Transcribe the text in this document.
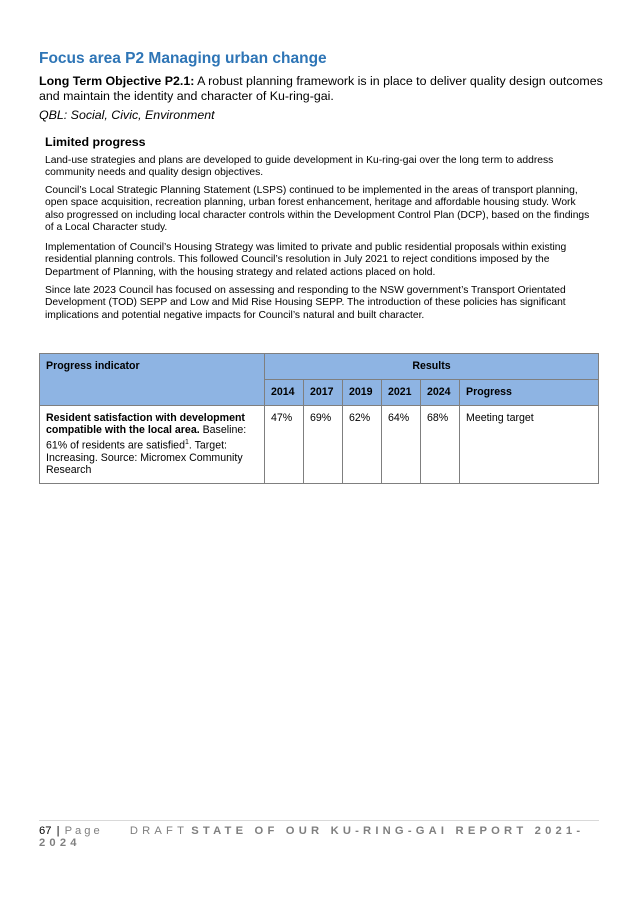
Focus area P2 Managing urban change
Long Term Objective P2.1: A robust planning framework is in place to deliver quality design outcomes and maintain the identity and character of Ku-ring-gai.
QBL: Social, Civic, Environment
Limited progress

Land-use strategies and plans are developed to guide development in Ku-ring-gai over the long term to address community needs and quality design objectives.

Council’s Local Strategic Planning Statement (LSPS) continued to be implemented in the areas of transport planning, open space acquisition, recreation planning, urban forest enhancement, heritage and affordable housing study. Work also progressed on including local character controls within the Development Control Plan (DCP), based on the findings of a Local Character study.

Implementation of Council’s Housing Strategy was limited to private and public residential proposals within existing residential planning controls. This followed Council’s resolution in July 2021 to reject conditions imposed by the Department of Planning, with the housing strategy and related actions placed on hold.

Since late 2023 Council has focused on assessing and responding to the NSW government’s Transport Orientated Development (TOD) SEPP and Low and Mid Rise Housing SEPP. The introduction of these policies has significant implications and potential negative impacts for Council’s natural and built character.

Progress indicator	Results					
	2014	2017	2019	2021	2024	Progress
Resident satisfaction with development compatible with the local area. Baseline: 61% of residents are satisfied$^1$. Target: Increasing. Source: Micromex Community Research	47%	69%	62%	64%	68%	Meeting target
67 | Page DRAFT STATE OF OUR KU-RING-GAI REPORT 2021-2024
